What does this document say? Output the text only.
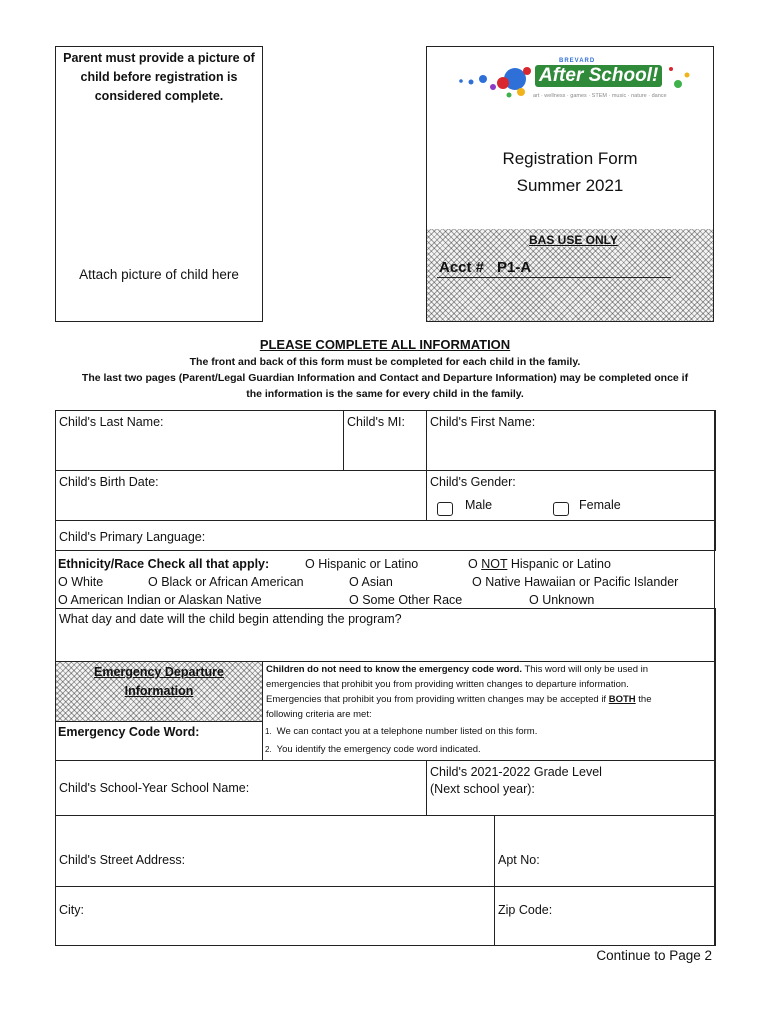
Parent must provide a picture of child before registration is considered complete.
Attach picture of child here
BREVARD
After School!
art · wellness · games · STEM · music · nature · dance
Registration Form
Summer 2021
BAS USE ONLY
Acct # P1-A
PLEASE COMPLETE ALL INFORMATION
The front and back of this form must be completed for each child in the family.
The last two pages (Parent/Legal Guardian Information and Contact and Departure Information) may be completed once if
the information is the same for every child in the family.
Child's Last Name:	Child's MI: Child's First Name:
Child's Birth Date:	Child's Gender:
Male	Female
Child's Primary Language:
Ethnicity/Race Check all that apply:	O Hispanic or Latino	O NOT Hispanic or Latino
O White	O Black or African American	O Asian	O Native Hawaiian or Pacific Islander
O American Indian or Alaskan Native	O Some Other Race	O Unknown
What day and date will the child begin attending the program?
Emergency Departure
Information
Emergency Code Word:
Children do not need to know the emergency code word. This word will only be used in
emergencies that prohibit you from providing written changes to departure information.
Emergencies that prohibit you from providing written changes may be accepted if BOTH the
following criteria are met:
1. We can contact you at a telephone number listed on this form.
2. You identify the emergency code word indicated.
Child's School-Year School Name:
Child's 2021-2022 Grade Level
(Next school year):
Child's Street Address:	Apt No:
City:	Zip Code:
Continue to Page 2
